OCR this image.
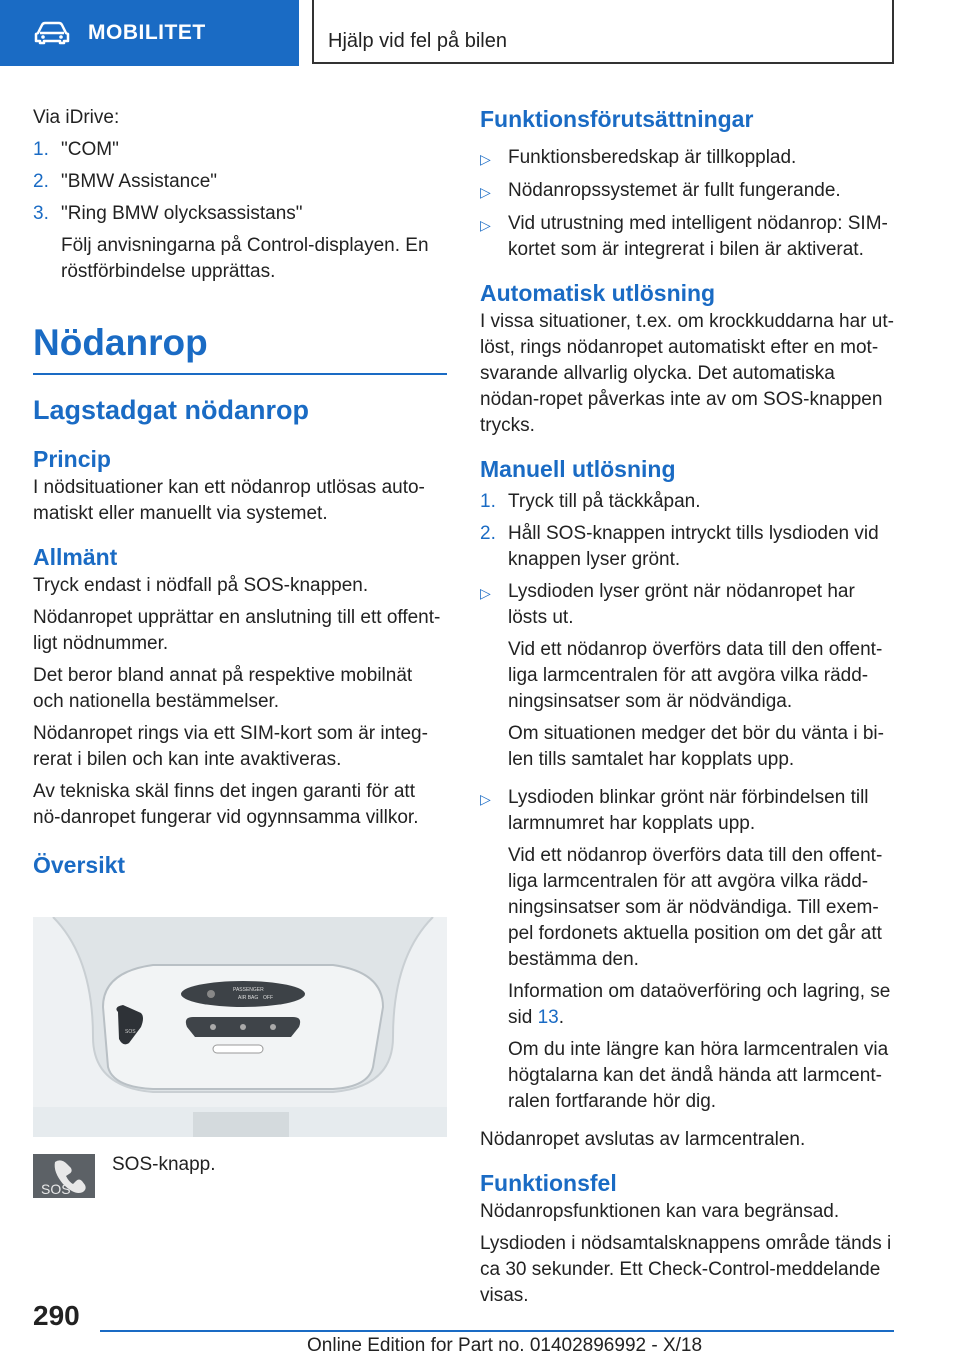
MOBILITET	Hjälp vid fel på bilen

Via iDrive:

1. "COM"
2. "BMW Assistance"
3. "Ring BMW olycksassistans"

Följ anvisningarna på Control-displayen. En röstförbindelse upprättas.

Nödanrop
Lagstadgat nödanrop
Princip

I nödsituationer kan ett nödanrop utlösas auto-matiskt eller manuellt via systemet.

Allmänt

Tryck endast i nödfall på SOS-knappen.

Nödanropet upprättar en anslutning till ett offent-ligt nödnummer.

Det beror bland annat på respektive mobilnät och nationella bestämmelser.

Nödanropet rings via ett SIM-kort som är integ-rerat i bilen och kan inte avaktiveras.

Av tekniska skäl finns det ingen garanti för att nö-danropet fungerar vid ogynnsamma villkor.

Översikt
PASSENGER
AIR BAG OFF
SOS
SOS
SOS-knapp.
Funktionsförutsättningar
▷ Funktionsberedskap är tillkopplad.
▷ Nödanropssystemet är fullt fungerande.
▷ Vid utrustning med intelligent nödanrop: SIM-kortet som är integrerat i bilen är aktiverat.
Automatisk utlösning

I vissa situationer, t.ex. om krockkuddarna har ut-löst, rings nödanropet automatiskt efter en mot-svarande allvarlig olycka. Det automatiska nödan-ropet påverkas inte av om SOS-knappen trycks.

Manuell utlösning
1. Tryck till på täckkåpan.
2. Håll SOS-knappen intryckt tills lysdioden vid knappen lyser grönt.
▷ Lysdioden lyser grönt när nödanropet har lösts ut.

Vid ett nödanrop överförs data till den offent-liga larmcentralen för att avgöra vilka rädd-ningsinsatser som är nödvändiga.

Om situationen medger det bör du vänta i bi-len tills samtalet har kopplats upp.

▷ Lysdioden blinkar grönt när förbindelsen till larmnumret har kopplats upp.

Vid ett nödanrop överförs data till den offent-liga larmcentralen för att avgöra vilka rädd-ningsinsatser som är nödvändiga. Till exem-pel fordonets aktuella position om det går att bestämma den.

Information om dataöverföring och lagring, se sid 13.

Om du inte längre kan höra larmcentralen via högtalarna kan det ändå hända att larmcent-ralen fortfarande hör dig.

Nödanropet avslutas av larmcentralen.

Funktionsfel

Nödanropsfunktionen kan vara begränsad.

Lysdioden i nödsamtalsknappens område tänds i ca 30 sekunder. Ett Check-Control-meddelande visas.

290
Online Edition for Part no. 01402896992 - X/18
